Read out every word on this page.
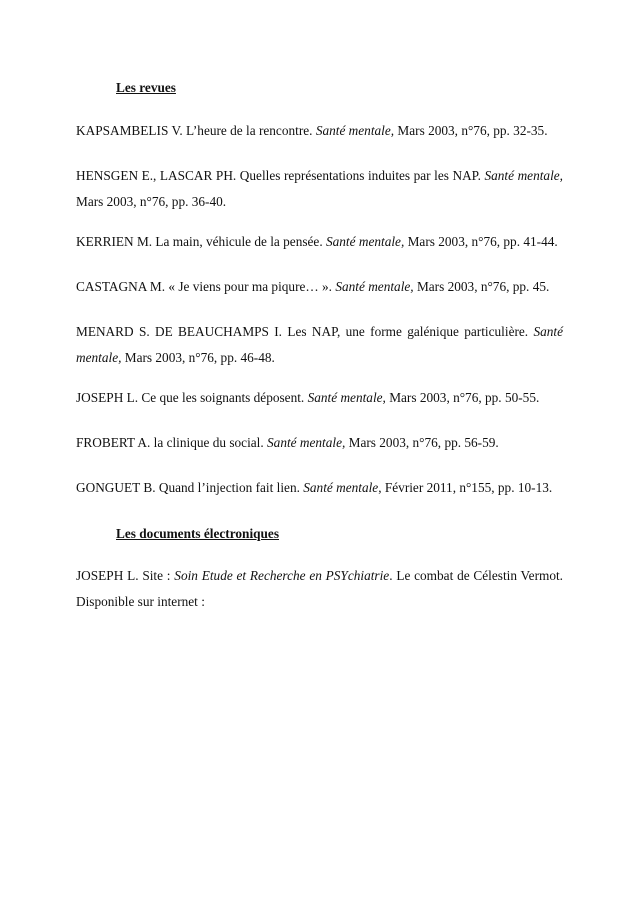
Les revues
KAPSAMBELIS V. L’heure de la rencontre. Santé mentale, Mars 2003, n°76, pp. 32-35.
HENSGEN E., LASCAR PH. Quelles représentations induites par les NAP. Santé mentale, Mars 2003, n°76, pp. 36-40.
KERRIEN M. La main, véhicule de la pensée. Santé mentale, Mars 2003, n°76, pp. 41-44.
CASTAGNA M. « Je viens pour ma piqure… ». Santé mentale, Mars 2003, n°76, pp. 45.
MENARD S. DE BEAUCHAMPS I. Les NAP, une forme galénique particulière. Santé mentale, Mars 2003, n°76, pp. 46-48.
JOSEPH L. Ce que les soignants déposent. Santé mentale, Mars 2003, n°76, pp. 50-55.
FROBERT A. la clinique du social. Santé mentale, Mars 2003, n°76, pp. 56-59.
GONGUET B. Quand l’injection fait lien. Santé mentale, Février 2011, n°155, pp. 10-13.
Les documents électroniques
JOSEPH L. Site : Soin Etude et Recherche en PSYchiatrie. Le combat de Célestin Vermot. Disponible sur internet :
